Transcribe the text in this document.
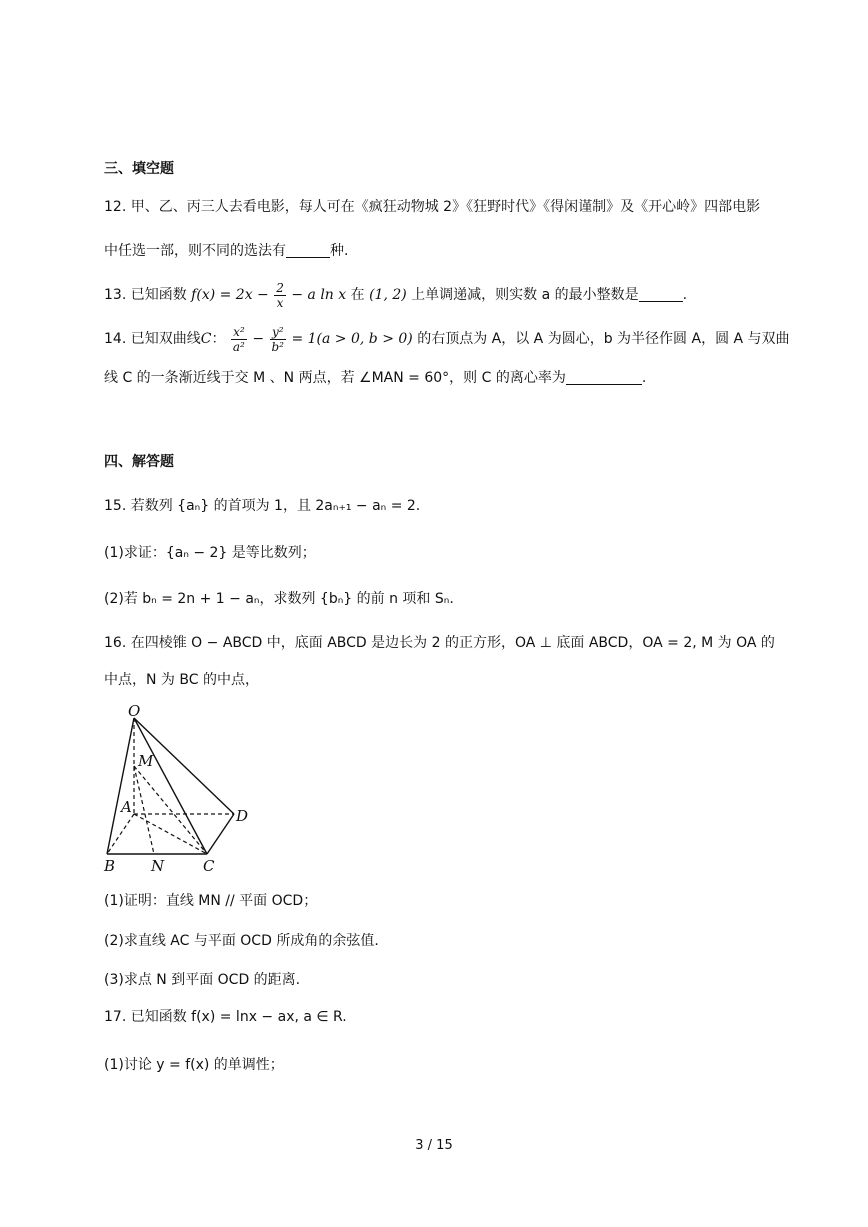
三、填空题
12. 甲、乙、丙三人去看电影，每人可在《疯狂动物城 2》《狂野时代》《得闲谨制》及《开心岭》四部电影
中任选一部，则不同的选法有	种.
13. 已知函数 $f(x) = 2x - \frac{2}{x} - a$ ln x 在 (1, 2) 上单调递减，则实数 a 的最小整数是	.
14. 已知双曲线C： $\frac{\text{x²}}{\text{a²}} - \frac{\text{y²}}{\text{b²}} = 1(a > 0$, b > 0) 的右顶点为 A，以 A 为圆心，b 为半径作圆 A，圆 A 与双曲
线 C 的一条渐近线于交 M 、N 两点，若 ∠MAN = 60°，则 C 的离心率为	.
四、解答题
15. 若数列 {aₙ} 的首项为 1，且 2aₙ₊₁ − aₙ = 2.
(1)求证：{aₙ − 2} 是等比数列；
(2)若 bₙ = 2n + 1 − aₙ，求数列 {bₙ} 的前 n 项和 Sₙ.
16. 在四棱锥 O − ABCD 中，底面 ABCD 是边长为 2 的正方形，OA ⊥ 底面 ABCD，OA = 2, M 为 OA 的
中点，N 为 BC 的中点，
O
M
A	D
B N	C
(1)证明：直线 MN // 平面 OCD；
(2)求直线 AC 与平面 OCD 所成角的余弦值.
(3)求点 N 到平面 OCD 的距离.
17. 已知函数 f(x) = lnx − ax, a ∈ R.
(1)讨论 y = f(x) 的单调性；
3 / 15
